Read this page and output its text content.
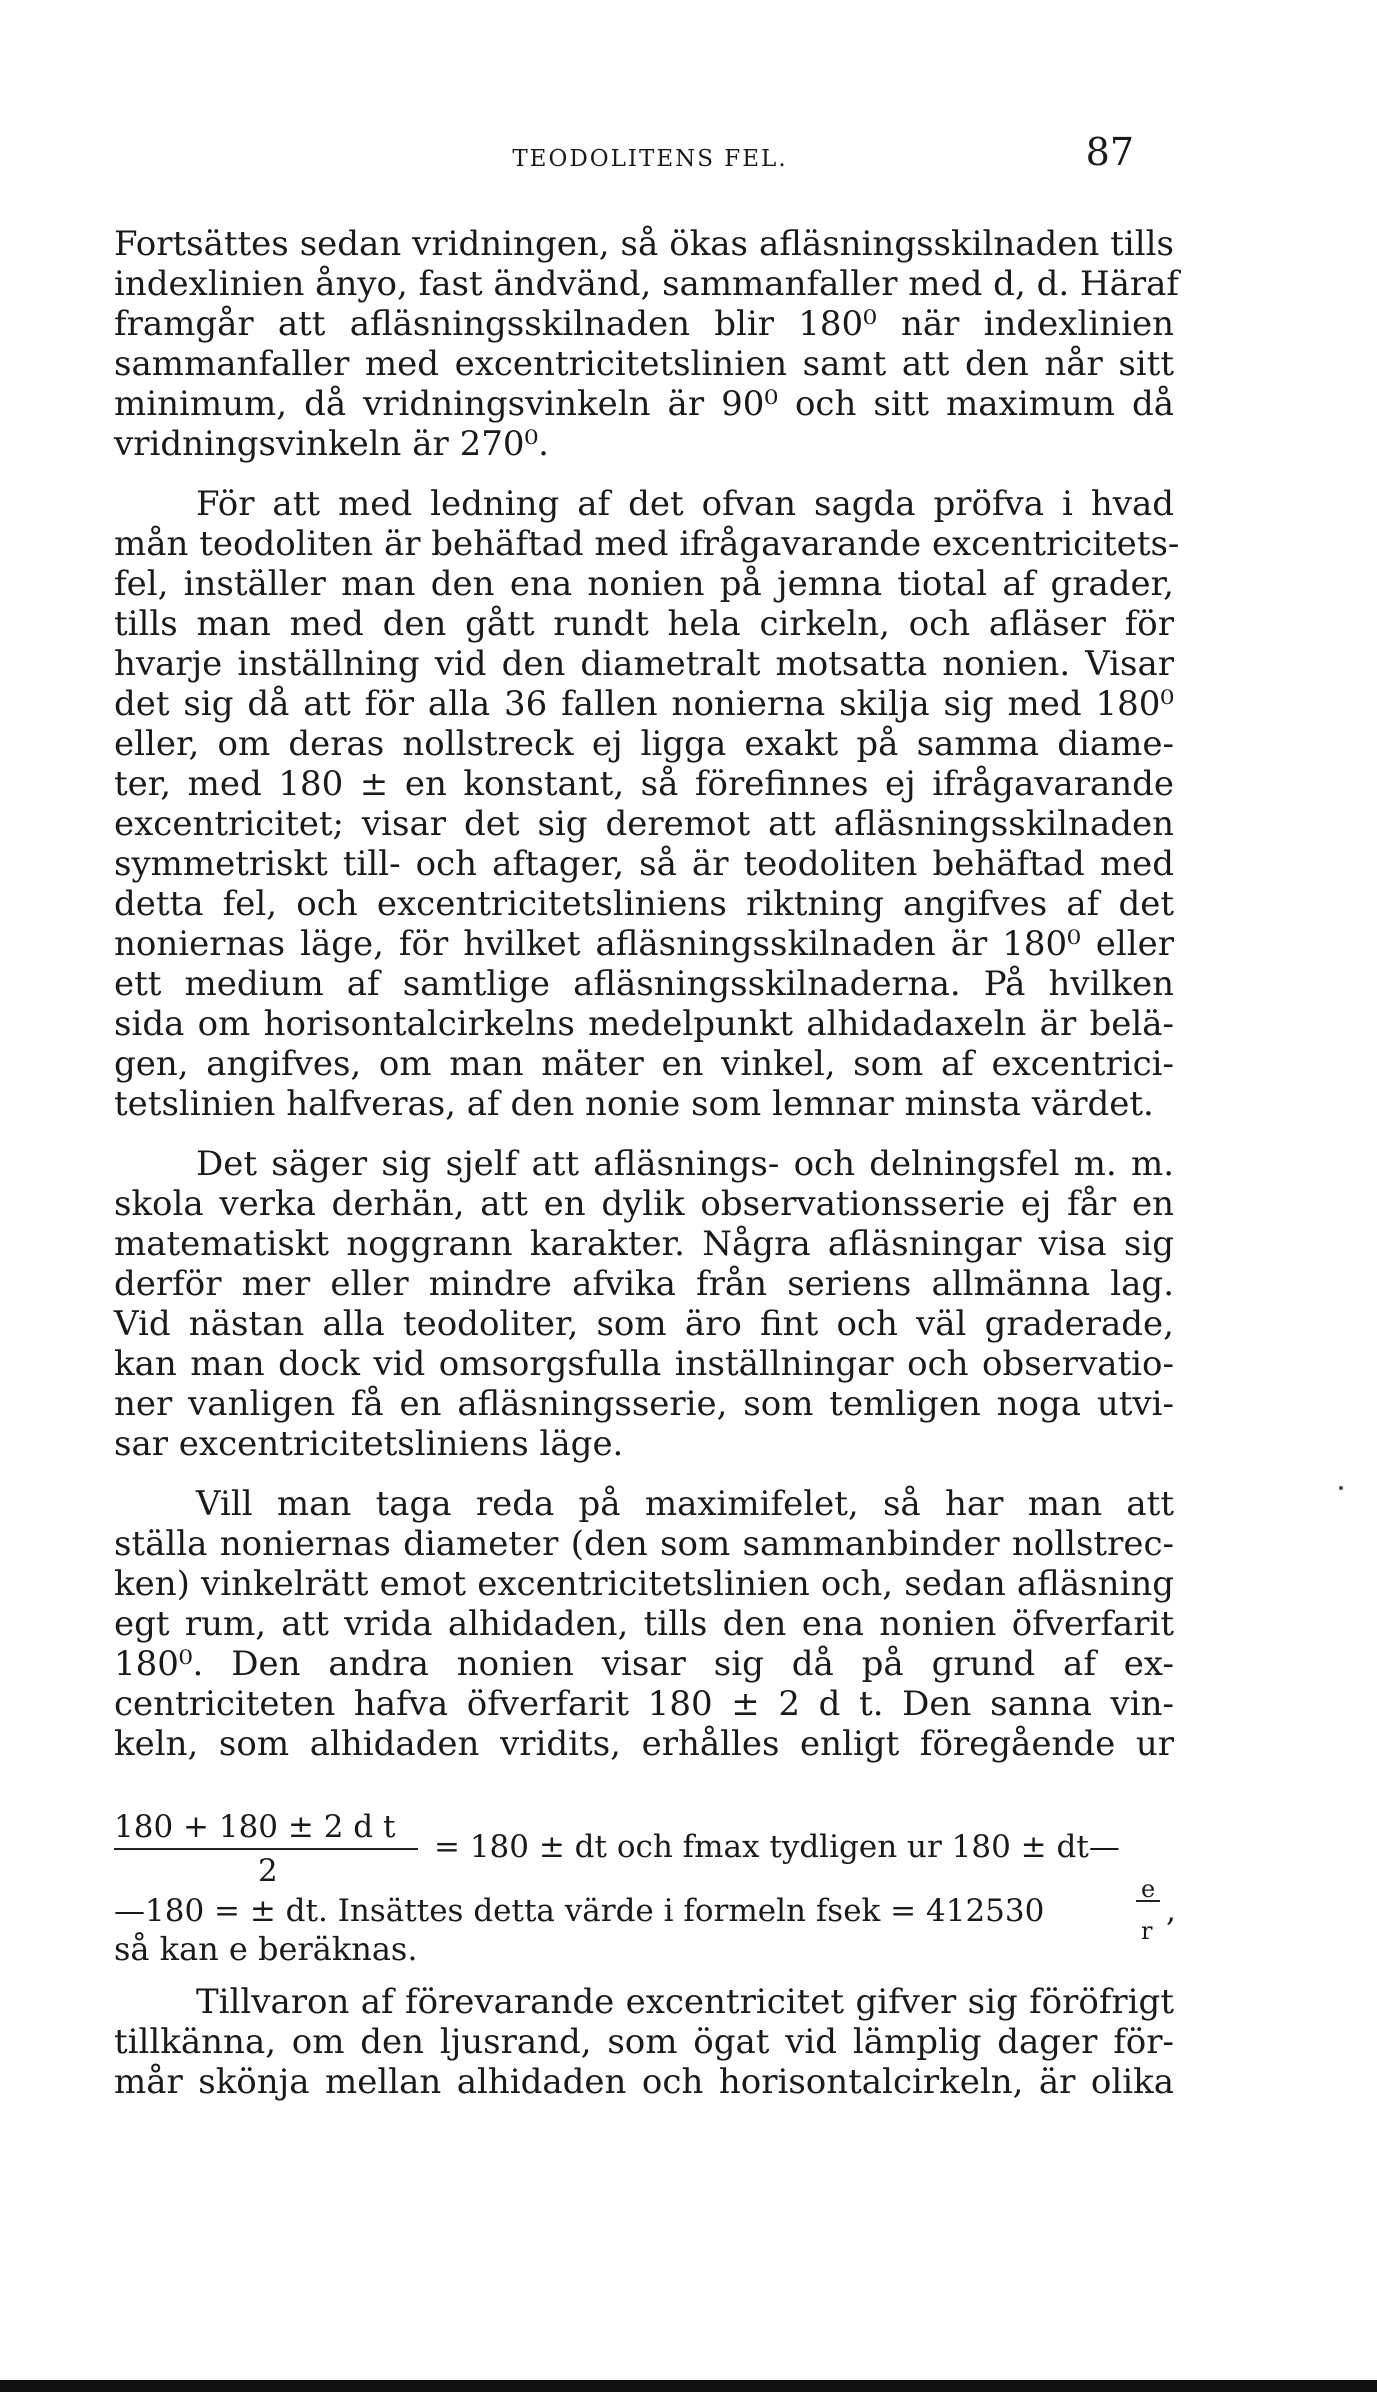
TEODOLITENS FEL.	87
Fortsättes sedan vridningen, så ökas afläsningsskilnaden tills
indexlinien ånyo, fast ändvänd, sammanfaller med d, d. Häraf
framgår att afläsningsskilnaden blir 180⁰ när indexlinien
sammanfaller med excentricitetslinien samt att den når sitt
minimum, då vridningsvinkeln är 90⁰ och sitt maximum då
vridningsvinkeln är 270⁰.
För att med ledning af det ofvan sagda pröfva i hvad
mån teodoliten är behäftad med ifrågavarande excentricitets-
fel, inställer man den ena nonien på jemna tiotal af grader,
tills man med den gått rundt hela cirkeln, och afläser för
hvarje inställning vid den diametralt motsatta nonien. Visar
det sig då att för alla 36 fallen nonierna skilja sig med 180⁰
eller, om deras nollstreck ej ligga exakt på samma diame-
ter, med 180 ± en konstant, så förefinnes ej ifrågavarande
excentricitet; visar det sig deremot att afläsningsskilnaden
symmetriskt till- och aftager, så är teodoliten behäftad med
detta fel, och excentricitetsliniens riktning angifves af det
noniernas läge, för hvilket afläsningsskilnaden är 180⁰ eller
ett medium af samtlige afläsningsskilnaderna. På hvilken
sida om horisontalcirkelns medelpunkt alhidadaxeln är belä-
gen, angifves, om man mäter en vinkel, som af excentrici-
tetslinien halfveras, af den nonie som lemnar minsta värdet.
Det säger sig sjelf att afläsnings- och delningsfel m. m.
skola verka derhän, att en dylik observationsserie ej får en
matematiskt noggrann karakter. Några afläsningar visa sig
derför mer eller mindre afvika från seriens allmänna lag.
Vid nästan alla teodoliter, som äro fint och väl graderade,
kan man dock vid omsorgsfulla inställningar och observatio-
ner vanligen få en afläsningsserie, som temligen noga utvi-
sar excentricitetsliniens läge.
Vill man taga reda på maximifelet, så har man att
ställa noniernas diameter (den som sammanbinder nollstrec-
ken) vinkelrätt emot excentricitetslinien och, sedan afläsning
egt rum, att vrida alhidaden, tills den ena nonien öfverfarit
180⁰. Den andra nonien visar sig då på grund af ex-
centriciteten hafva öfverfarit 180 ± 2 d t. Den sanna vin-
keln, som alhidaden vridits, erhålles enligt föregående ur
180 + 180 ± 2 d t
2
= 180 ± dt och fmax tydligen ur 180 ± dt—
—180 = ± dt. Insättes detta värde i formeln fsek = 412530
e
r
,
så kan e beräknas.
Tillvaron af förevarande excentricitet gifver sig föröfrigt
tillkänna, om den ljusrand, som ögat vid lämplig dager för-
mår skönja mellan alhidaden och horisontalcirkeln, är olika
